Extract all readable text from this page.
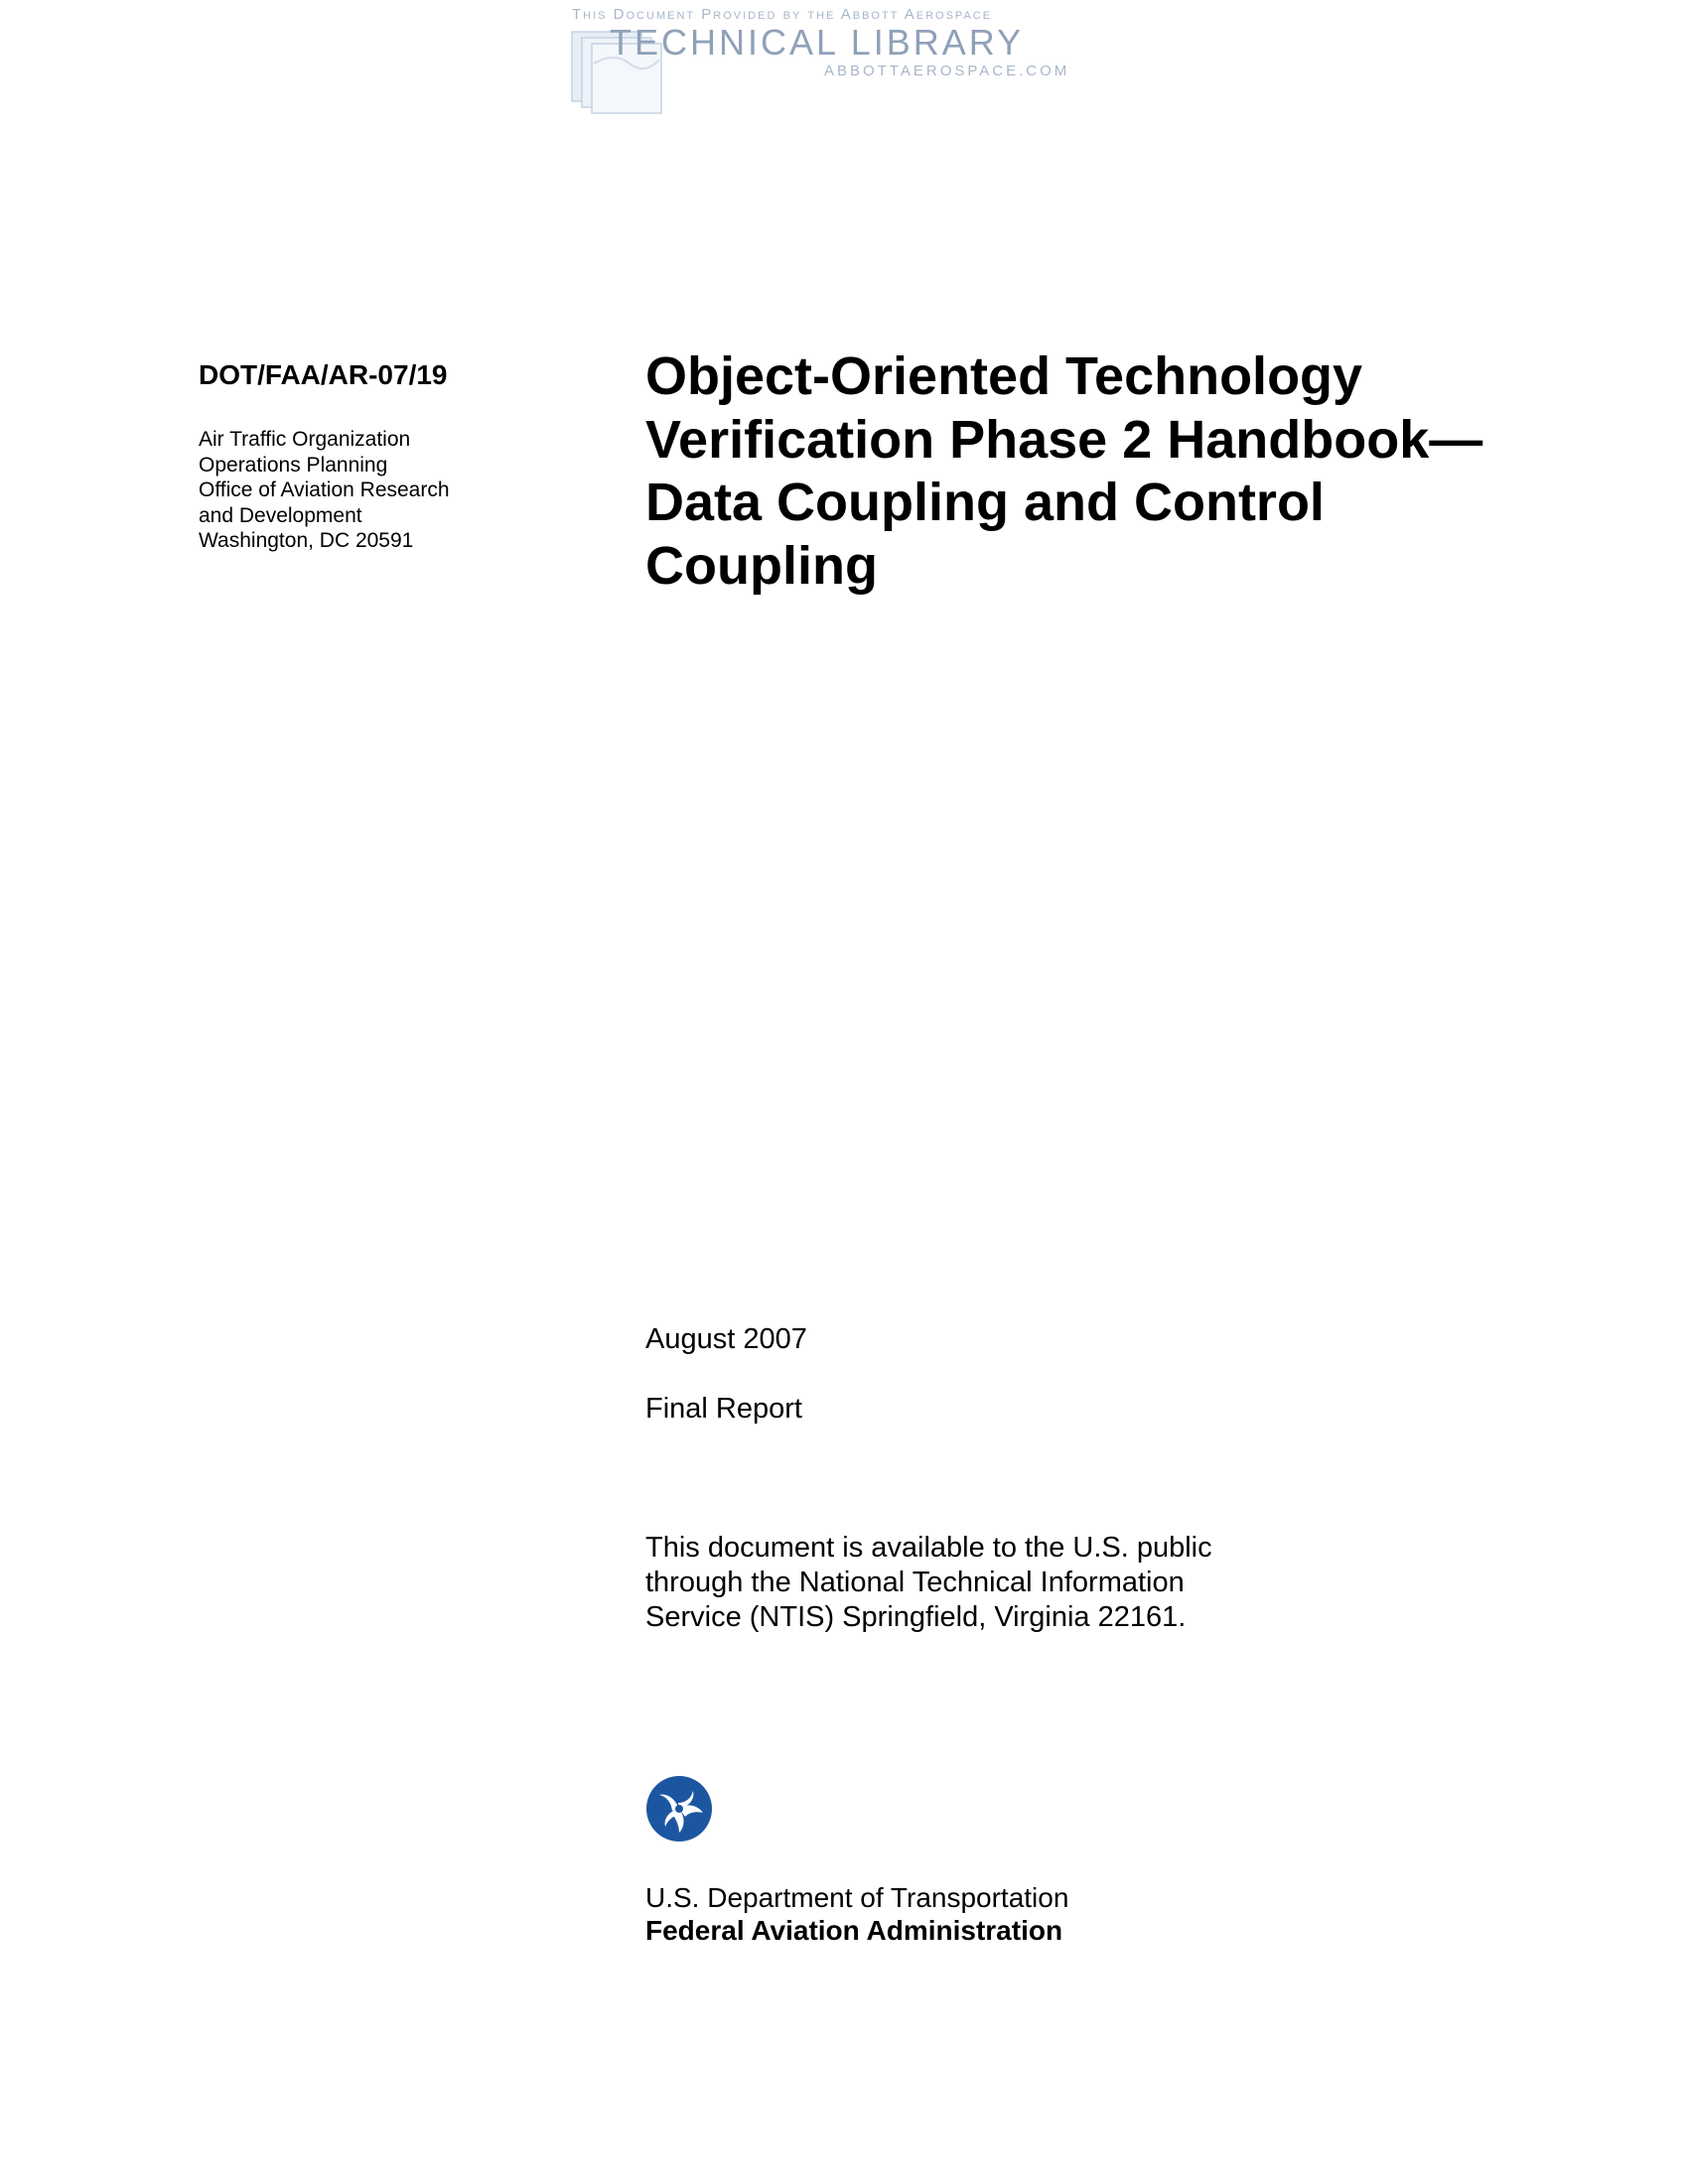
This Document Provided by the Abbott Aerospace
TECHNICAL LIBRARY
ABBOTTAEROSPACE.COM
DOT/FAA/AR-07/19
Air Traffic Organization
Operations Planning
Office of Aviation Research
and Development
Washington, DC 20591
Object-Oriented Technology
Verification Phase 2 Handbook—
Data Coupling and Control
Coupling
August 2007
Final Report
This document is available to the U.S. public
through the National Technical Information
Service (NTIS) Springfield, Virginia 22161.
U.S. Department of Transportation
Federal Aviation Administration
